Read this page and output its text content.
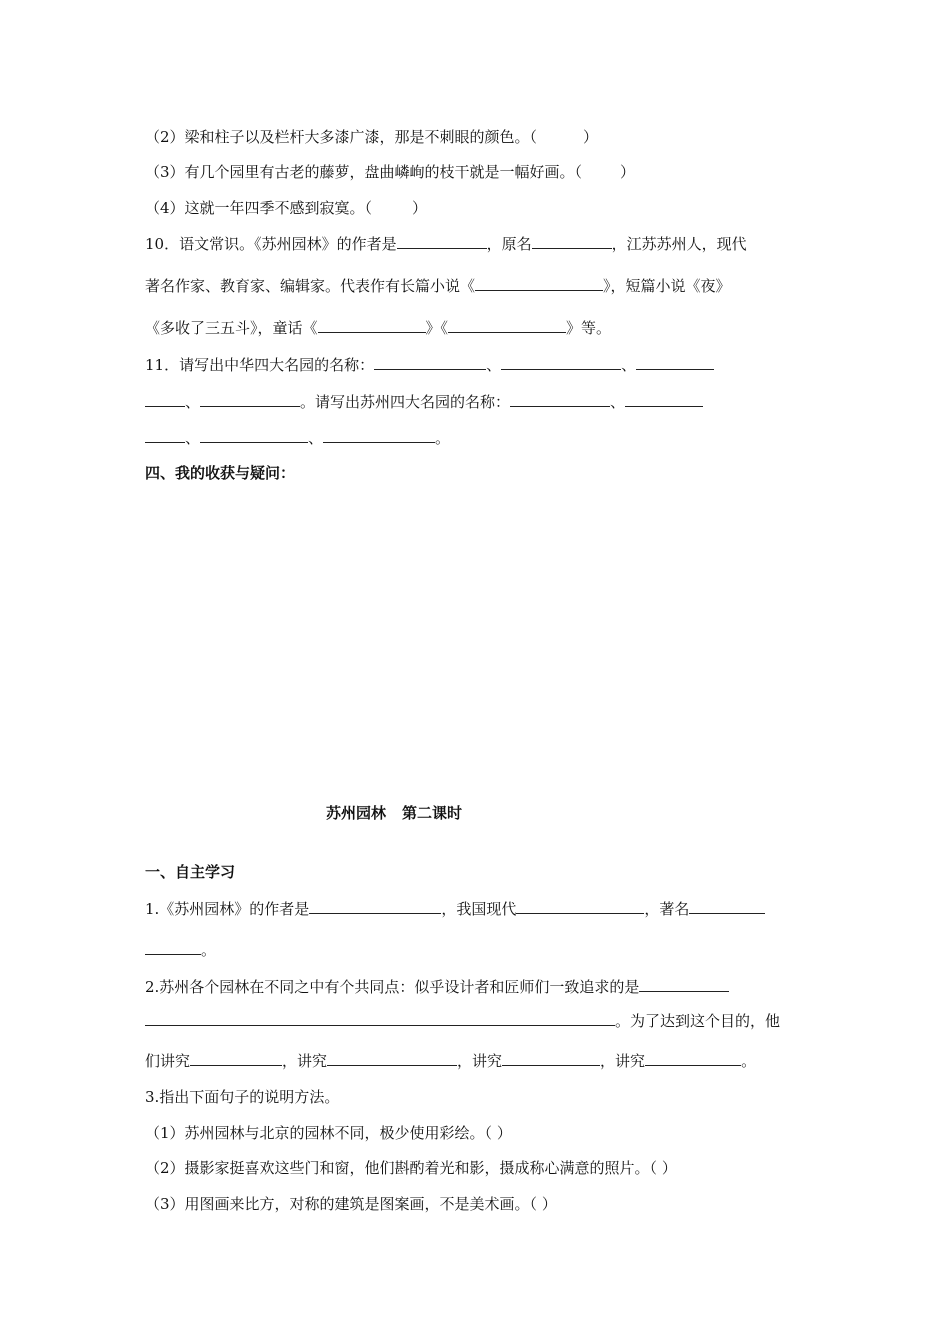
（2）梁和柱子以及栏杆大多漆广漆，那是不刺眼的颜色。（	）
（3）有几个园里有古老的藤萝，盘曲嶙峋的枝干就是一幅好画。（	）
（4）这就一年四季不感到寂寞。（	）
10．语文常识。《苏州园林》的作者是	，原名	，江苏苏州人，现代
著名作家、教育家、编辑家。代表作有长篇小说《	》，短篇小说《夜》
《多收了三五斗》，童话《	》《	》等。
11．请写出中华四大名园的名称：	、	、
、	。请写出苏州四大名园的名称：	、
、	、	。
四、我的收获与疑问：
苏州园林 第二课时
一、自主学习
1.《苏州园林》的作者是	，我国现代	，著名
。
2.苏州各个园林在不同之中有个共同点：似乎设计者和匠师们一致追求的是
。为了达到这个目的，他
们讲究	，讲究	，讲究	，讲究	。
3.指出下面句子的说明方法。
（1）苏州园林与北京的园林不同，极少使用彩绘。（ ）
（2）摄影家挺喜欢这些门和窗，他们斟酌着光和影，摄成称心满意的照片。（ ）
（3）用图画来比方，对称的建筑是图案画，不是美术画。（ ）
